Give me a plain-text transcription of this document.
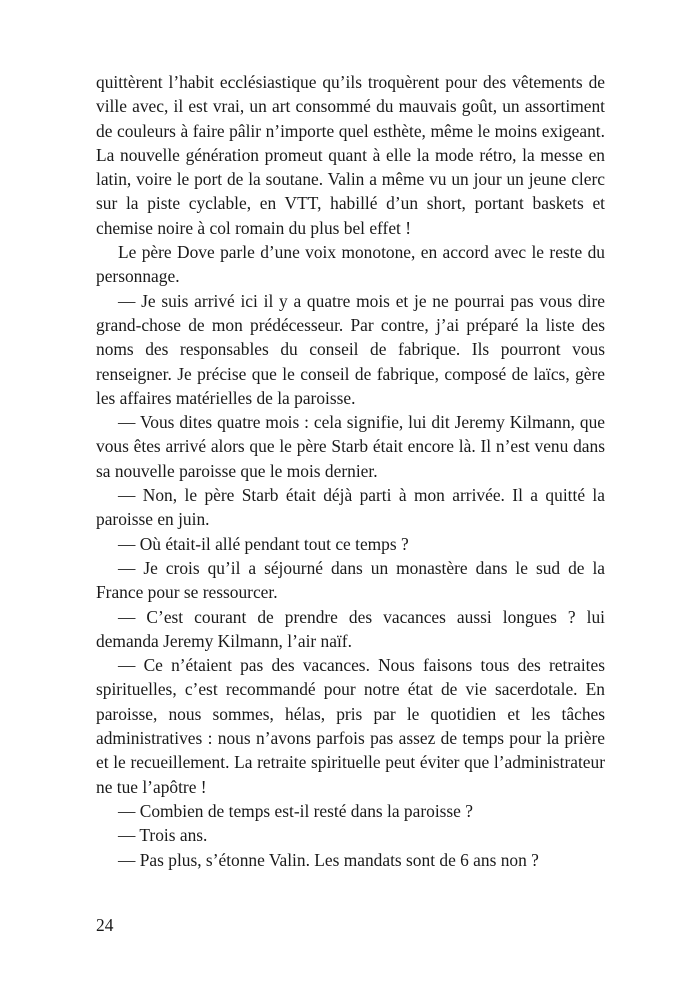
quittèrent l’habit ecclésiastique qu’ils troquèrent pour des vêtements de ville avec, il est vrai, un art consommé du mauvais goût, un assortiment de couleurs à faire pâlir n’importe quel esthète, même le moins exigeant. La nouvelle génération promeut quant à elle la mode rétro, la messe en latin, voire le port de la soutane. Valin a même vu un jour un jeune clerc sur la piste cyclable, en VTT, habillé d’un short, portant baskets et chemise noire à col romain du plus bel effet !

Le père Dove parle d’une voix monotone, en accord avec le reste du personnage.

— Je suis arrivé ici il y a quatre mois et je ne pourrai pas vous dire grand-chose de mon prédécesseur. Par contre, j’ai préparé la liste des noms des responsables du conseil de fabrique. Ils pourront vous renseigner. Je précise que le conseil de fabrique, composé de laïcs, gère les affaires matérielles de la paroisse.

— Vous dites quatre mois : cela signifie, lui dit Jeremy Kilmann, que vous êtes arrivé alors que le père Starb était encore là. Il n’est venu dans sa nouvelle paroisse que le mois dernier.

— Non, le père Starb était déjà parti à mon arrivée. Il a quitté la paroisse en juin.

— Où était-il allé pendant tout ce temps ?

— Je crois qu’il a séjourné dans un monastère dans le sud de la France pour se ressourcer.

— C’est courant de prendre des vacances aussi longues ? lui demanda Jeremy Kilmann, l’air naïf.

— Ce n’étaient pas des vacances. Nous faisons tous des retraites spirituelles, c’est recommandé pour notre état de vie sacerdotale. En paroisse, nous sommes, hélas, pris par le quotidien et les tâches administratives : nous n’avons parfois pas assez de temps pour la prière et le recueillement. La retraite spirituelle peut éviter que l’administrateur ne tue l’apôtre !

— Combien de temps est-il resté dans la paroisse ?

— Trois ans.

— Pas plus, s’étonne Valin. Les mandats sont de 6 ans non ?

24
